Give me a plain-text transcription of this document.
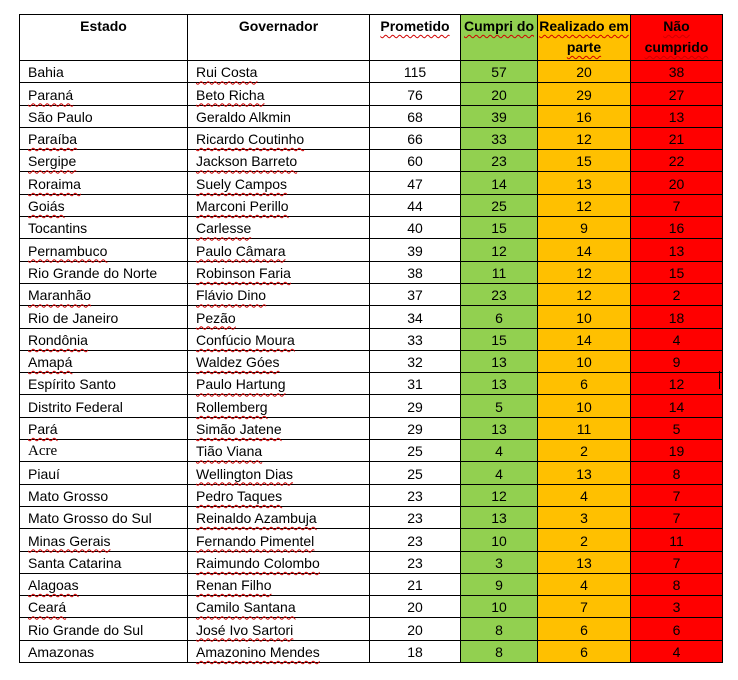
Estado	Governador	Prometido	Cumpri do	Realizado em parte	Não cumprido
Bahia	Rui Costa	115	57	20	38
Paraná	Beto Richa	76	20	29	27
São Paulo	Geraldo Alkmin	68	39	16	13
Paraíba	Ricardo Coutinho	66	33	12	21
Sergipe	Jackson Barreto	60	23	15	22
Roraima	Suely Campos	47	14	13	20
Goiás	Marconi Perillo	44	25	12	7
Tocantins	Carlesse	40	15	9	16
Pernambuco	Paulo Câmara	39	12	14	13
Rio Grande do Norte	Robinson Faria	38	11	12	15
Maranhão	Flávio Dino	37	23	12	2
Rio de Janeiro	Pezão	34	6	10	18
Rondônia	Confúcio Moura	33	15	14	4
Amapá	Waldez Góes	32	13	10	9
Espírito Santo	Paulo Hartung	31	13	6	12
Distrito Federal	Rollemberg	29	5	10	14
Pará	Simão Jatene	29	13	11	5
Acre	Tião Viana	25	4	2	19
Piauí	Wellington Dias	25	4	13	8
Mato Grosso	Pedro Taques	23	12	4	7
Mato Grosso do Sul	Reinaldo Azambuja	23	13	3	7
Minas Gerais	Fernando Pimentel	23	10	2	11
Santa Catarina	Raimundo Colombo	23	3	13	7
Alagoas	Renan Filho	21	9	4	8
Ceará	Camilo Santana	20	10	7	3
Rio Grande do Sul	José Ivo Sartori	20	8	6	6
Amazonas	Amazonino Mendes	18	8	6	4
